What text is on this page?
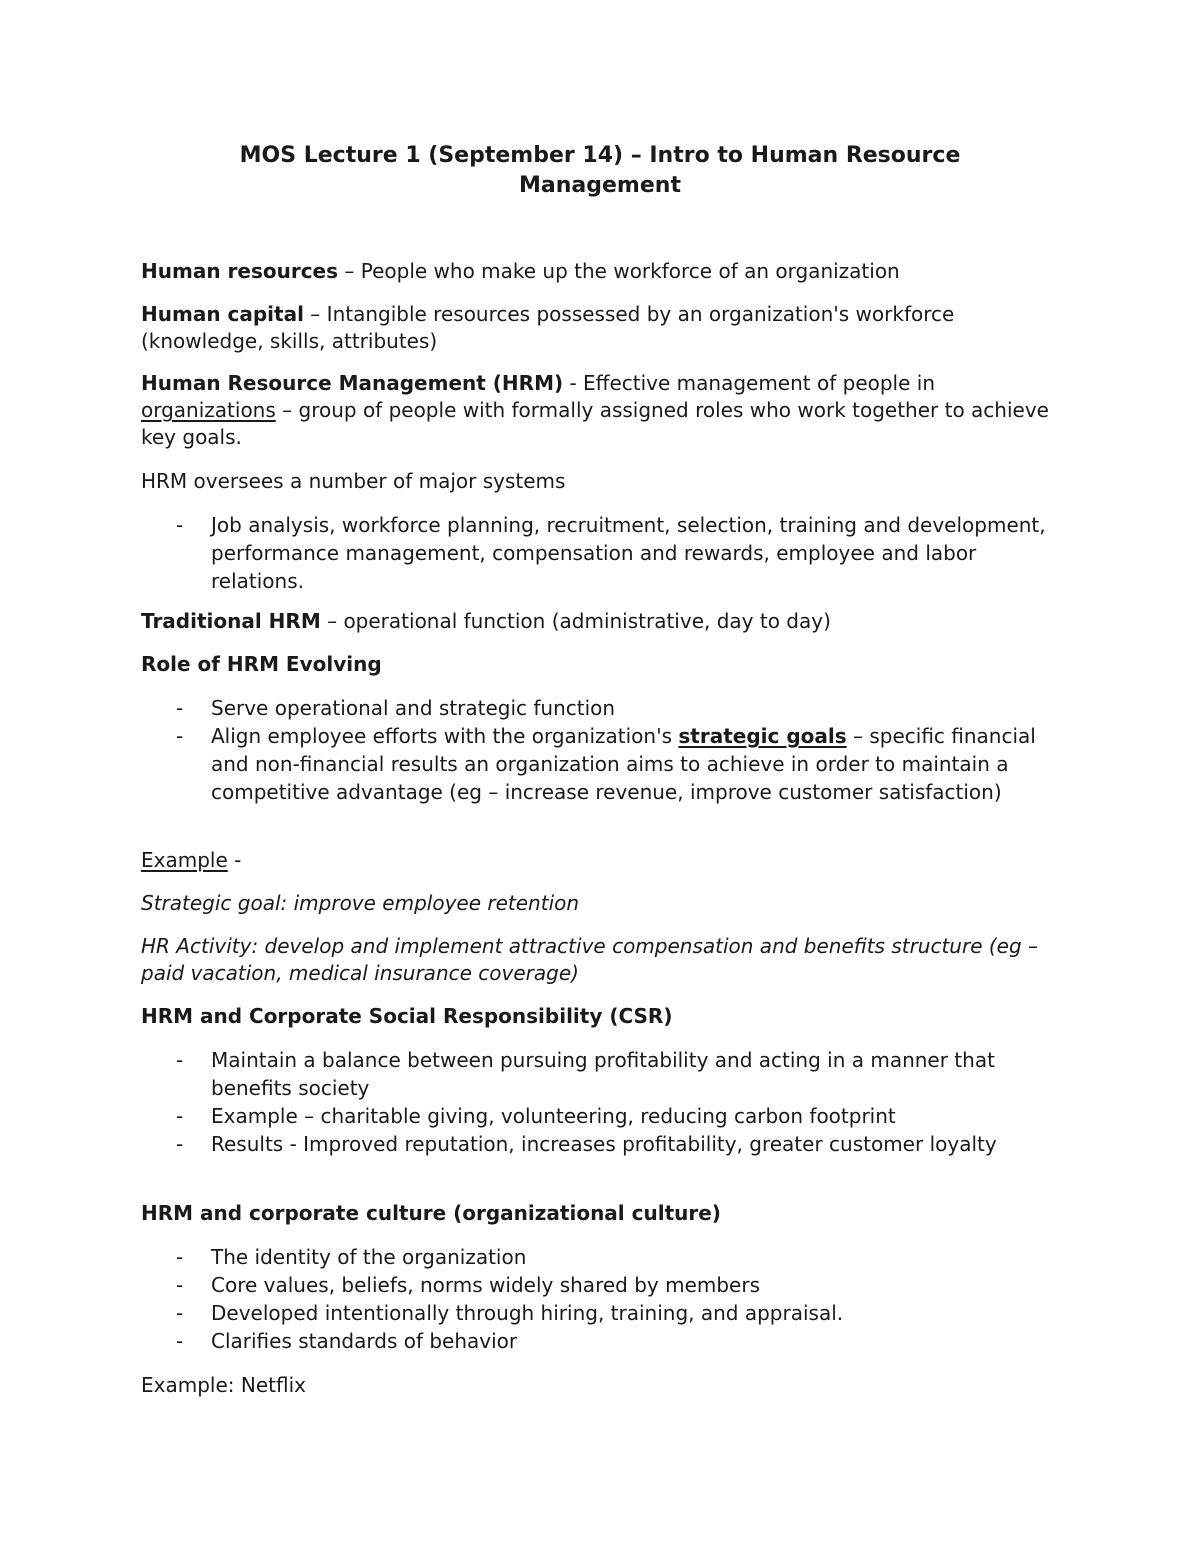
MOS Lecture 1 (September 14) – Intro to Human Resource
Management

Human resources – People who make up the workforce of an organization

Human capital – Intangible resources possessed by an organization's workforce (knowledge, skills, attributes)

Human Resource Management (HRM) - Effective management of people in organizations – group of people with formally assigned roles who work together to achieve key goals.

HRM oversees a number of major systems

- Job analysis, workforce planning, recruitment, selection, training and development, performance management, compensation and rewards, employee and labor relations.

Traditional HRM – operational function (administrative, day to day)

Role of HRM Evolving

- Serve operational and strategic function
- Align employee efforts with the organization's strategic goals – specific financial and non-financial results an organization aims to achieve in order to maintain a competitive advantage (eg – increase revenue, improve customer satisfaction)

Example -

Strategic goal: improve employee retention

HR Activity: develop and implement attractive compensation and benefits structure (eg – paid vacation, medical insurance coverage)

HRM and Corporate Social Responsibility (CSR)

- Maintain a balance between pursuing profitability and acting in a manner that benefits society
- Example – charitable giving, volunteering, reducing carbon footprint
- Results - Improved reputation, increases profitability, greater customer loyalty

HRM and corporate culture (organizational culture)

- The identity of the organization
- Core values, beliefs, norms widely shared by members
- Developed intentionally through hiring, training, and appraisal.
- Clarifies standards of behavior

Example: Netflix
